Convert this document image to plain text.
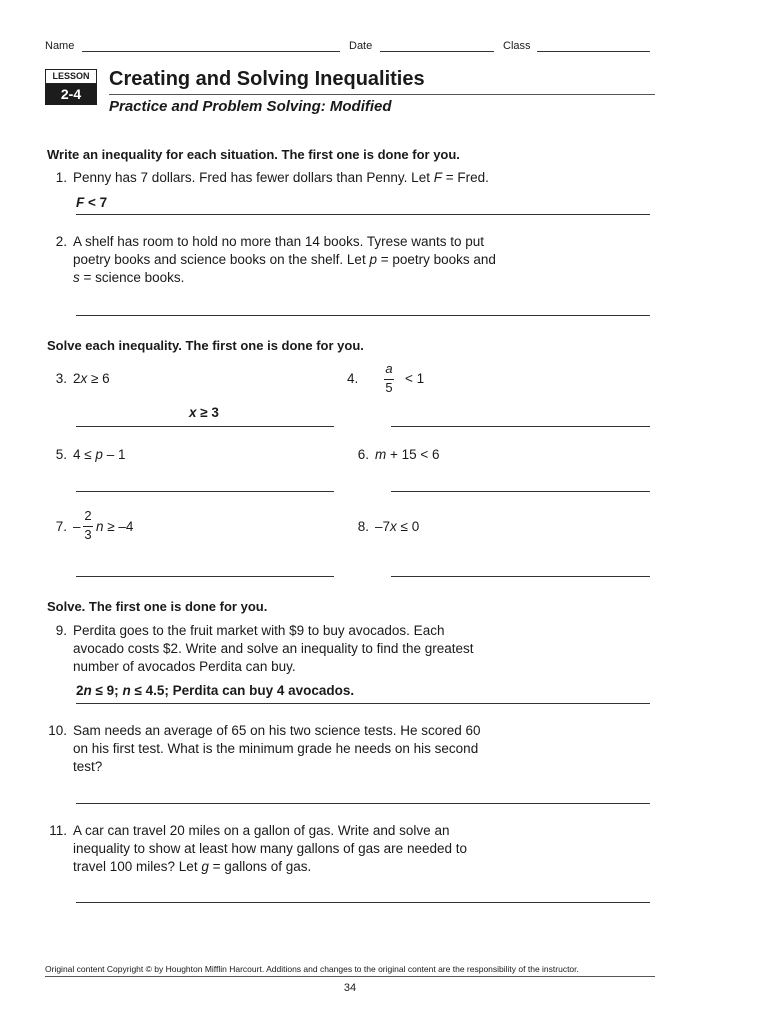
Name	Date	Class
LESSON
2-4
Creating and Solving Inequalities
Practice and Problem Solving: Modified
Write an inequality for each situation. The first one is done for you.
1. Penny has 7 dollars. Fred has fewer dollars than Penny. Let F = Fred.
F < 7
2. A shelf has room to hold no more than 14 books. Tyrese wants to put
poetry books and science books on the shelf. Let p = poetry books and
s = science books.
Solve each inequality. The first one is done for you.
3. 2x ≥ 6
x ≥ 3
4.
a
5
< 1
5. 4 ≤ p – 1	6. m + 15 < 6
7. –
2
3
n ≥ –4	8. –7x ≤ 0
Solve. The first one is done for you.
9. Perdita goes to the fruit market with $9 to buy avocados. Each
avocado costs $2. Write and solve an inequality to find the greatest
number of avocados Perdita can buy.
2n ≤ 9; n ≤ 4.5; Perdita can buy 4 avocados.
10. Sam needs an average of 65 on his two science tests. He scored 60
on his first test. What is the minimum grade he needs on his second
test?
11. A car can travel 20 miles on a gallon of gas. Write and solve an
inequality to show at least how many gallons of gas are needed to
travel 100 miles? Let g = gallons of gas.
Original content Copyright © by Houghton Mifflin Harcourt. Additions and changes to the original content are the responsibility of the instructor.
34
